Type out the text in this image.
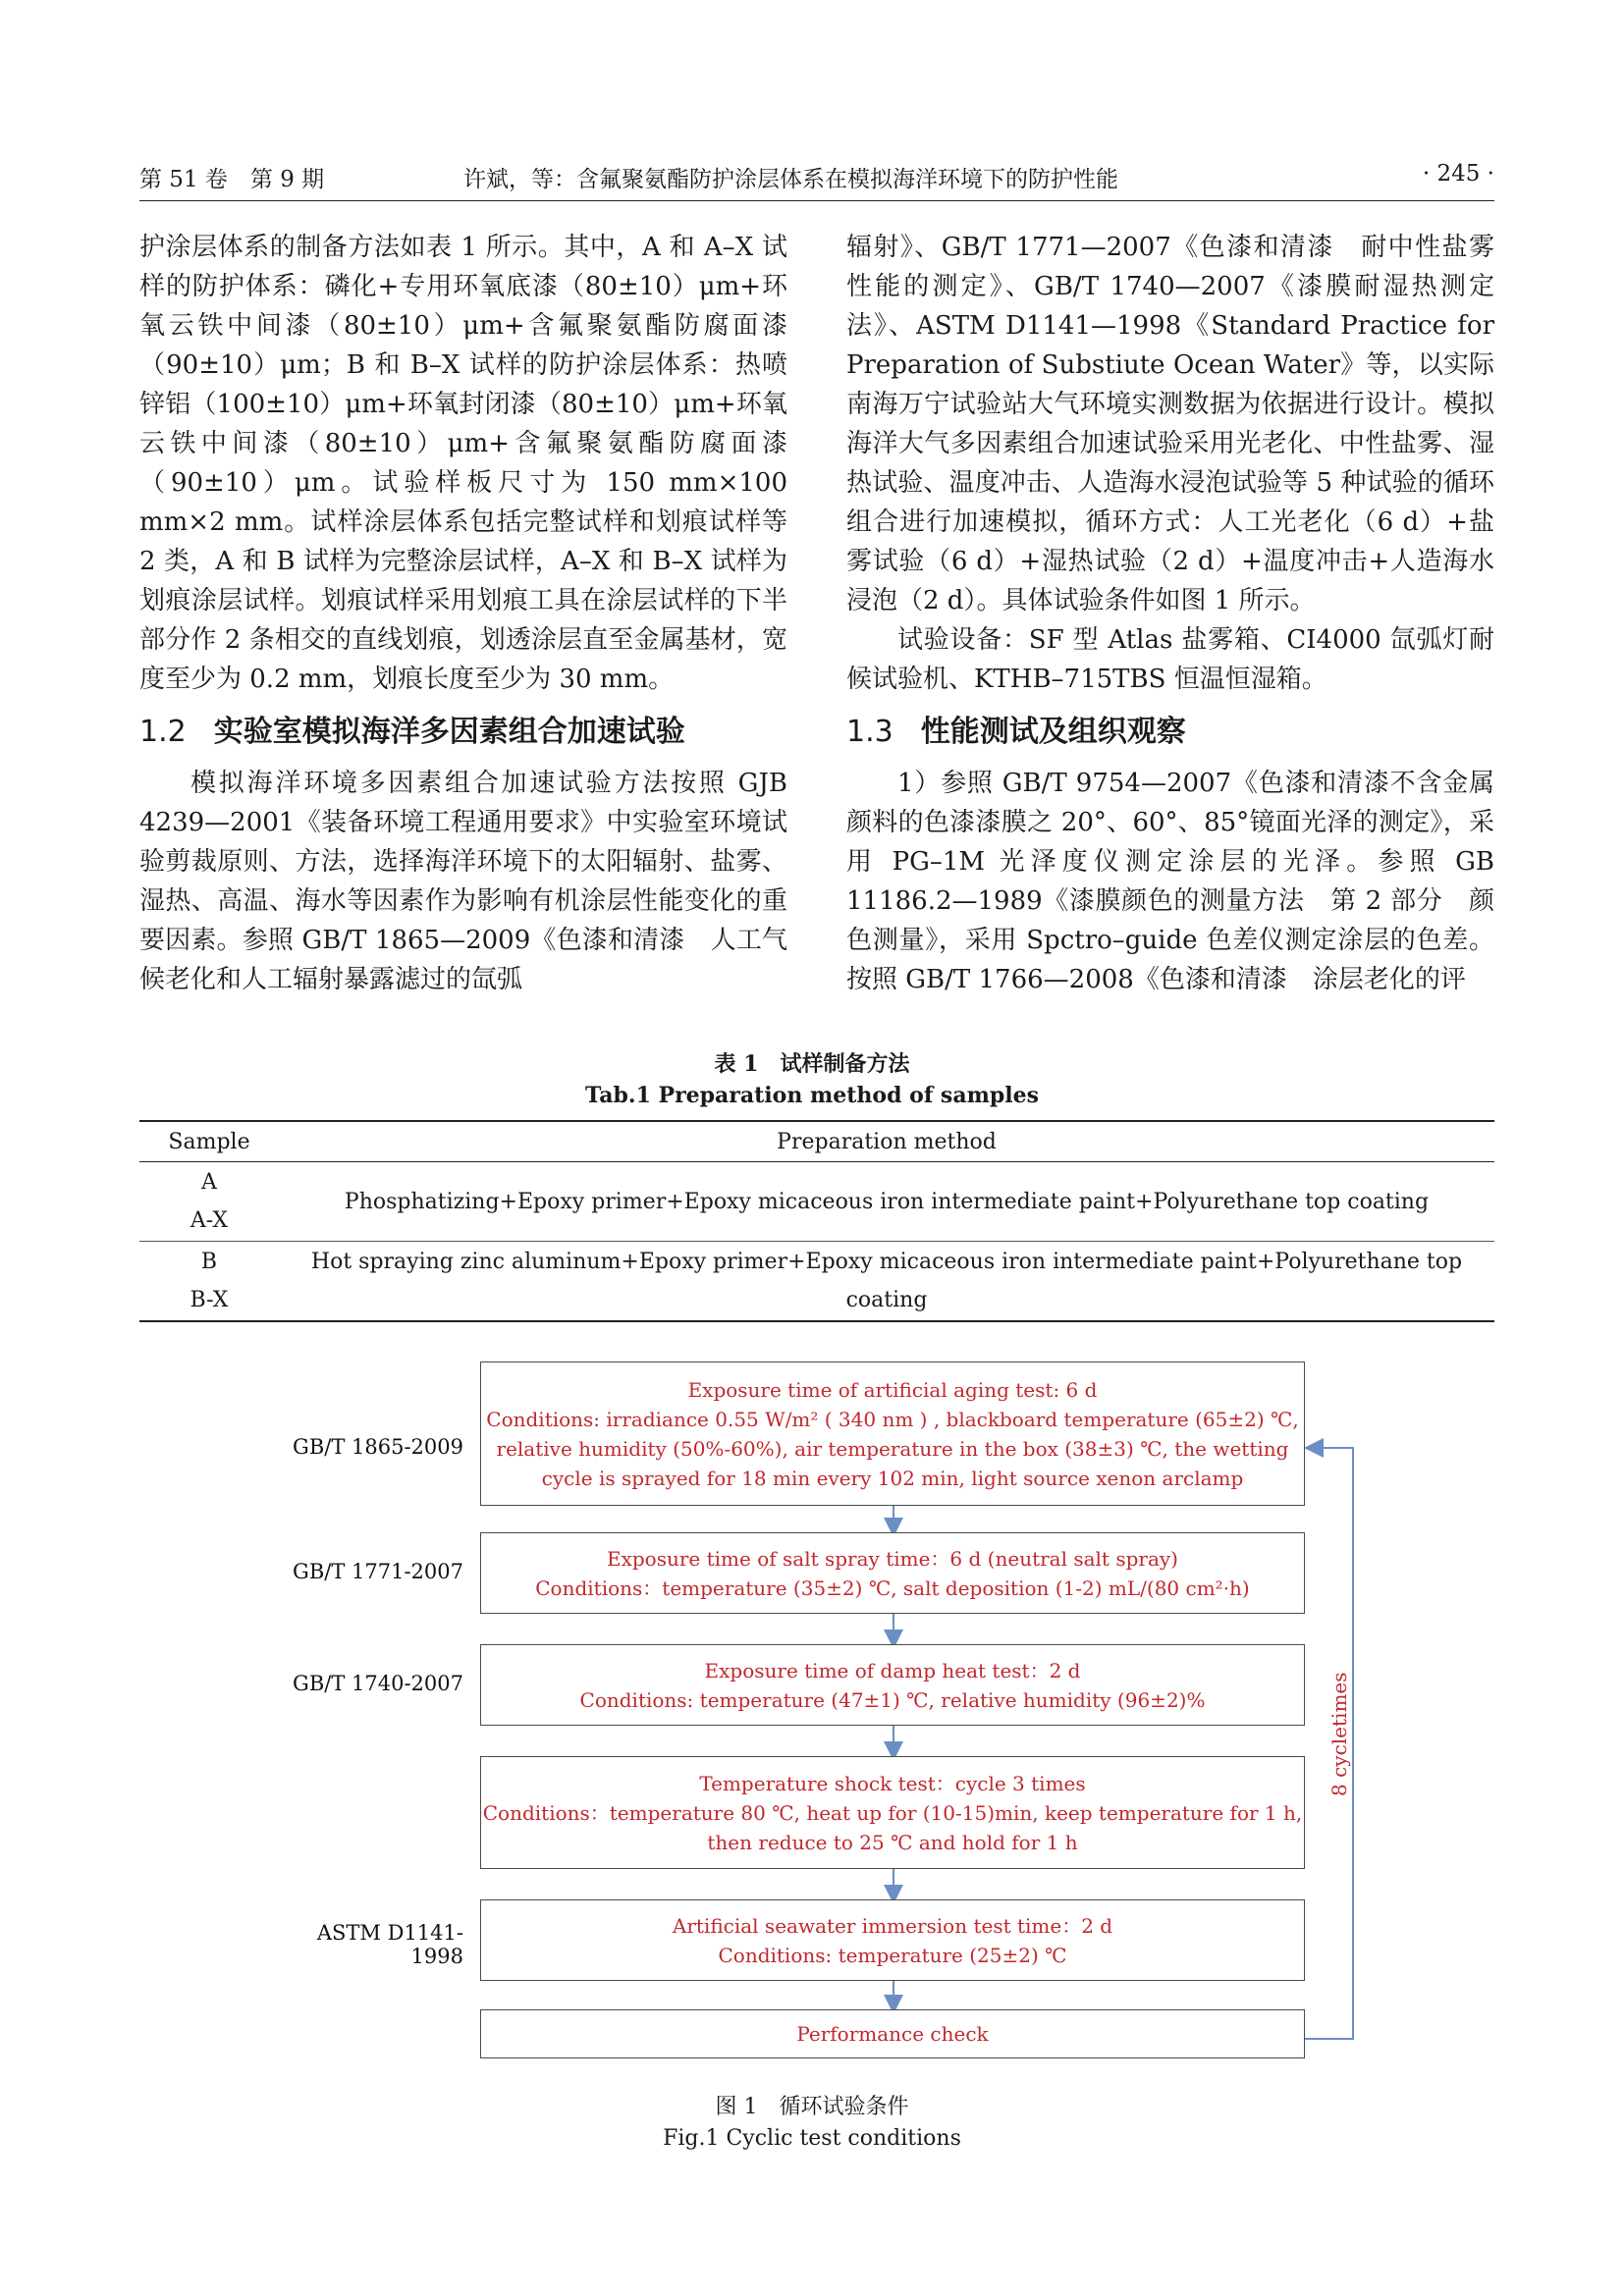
第 51 卷　第 9 期	许斌，等：含氟聚氨酯防护涂层体系在模拟海洋环境下的防护性能	· 245 ·

护涂层体系的制备方法如表 1 所示。其中，A 和 A–X 试样的防护体系：磷化+专用环氧底漆（80±10）μm+环氧云铁中间漆（80±10）μm+含氟聚氨酯防腐面漆（90±10）μm；B 和 B–X 试样的防护涂层体系：热喷锌铝（100±10）μm+环氧封闭漆（80±10）μm+环氧云铁中间漆（80±10）μm+含氟聚氨酯防腐面漆（90±10）μm。试验样板尺寸为 150 mm×100 mm×2 mm。试样涂层体系包括完整试样和划痕试样等 2 类，A 和 B 试样为完整涂层试样，A–X 和 B–X 试样为划痕涂层试样。划痕试样采用划痕工具在涂层试样的下半部分作 2 条相交的直线划痕，划透涂层直至金属基材，宽度至少为 0.2 mm，划痕长度至少为 30 mm。

1.2 实验室模拟海洋多因素组合加速试验

模拟海洋环境多因素组合加速试验方法按照 GJB 4239—2001《装备环境工程通用要求》中实验室环境试验剪裁原则、方法，选择海洋环境下的太阳辐射、盐雾、湿热、高温、海水等因素作为影响有机涂层性能变化的重要因素。参照 GB/T 1865—2009《色漆和清漆　人工气候老化和人工辐射暴露滤过的氙弧

辐射》、GB/T 1771—2007《色漆和清漆　耐中性盐雾性能的测定》、GB/T 1740—2007《漆膜耐湿热测定法》、ASTM D1141—1998《Standard Practice for Preparation of Substiute Ocean Water》等，以实际南海万宁试验站大气环境实测数据为依据进行设计。模拟海洋大气多因素组合加速试验采用光老化、中性盐雾、湿热试验、温度冲击、人造海水浸泡试验等 5 种试验的循环组合进行加速模拟，循环方式：人工光老化（6 d）+盐雾试验（6 d）+湿热试验（2 d）+温度冲击+人造海水浸泡（2 d）。具体试验条件如图 1 所示。

试验设备：SF 型 Atlas 盐雾箱、CI4000 氙弧灯耐候试验机、KTHB–715TBS 恒温恒湿箱。

1.3 性能测试及组织观察

1）参照 GB/T 9754—2007《色漆和清漆不含金属颜料的色漆漆膜之 20°、60°、85°镜面光泽的测定》，采用 PG–1M 光泽度仪测定涂层的光泽。参照 GB 11186.2—1989《漆膜颜色的测量方法　第 2 部分　颜色测量》，采用 Spctro–guide 色差仪测定涂层的色差。按照 GB/T 1766—2008《色漆和清漆　涂层老化的评

表 1　试样制备方法
Tab.1 Preparation method of samples
Sample	Preparation method

A
A-X	Phosphatizing+Epoxy primer+Epoxy micaceous iron intermediate paint+Polyurethane top coating

B
B-X	Hot spraying zinc aluminum+Epoxy primer+Epoxy micaceous iron intermediate paint+Polyurethane top coating
GB/T 1865-2009
Exposure time of artificial aging test: 6 d
Conditions: irradiance 0.55 W/m² ( 340 nm ) , blackboard temperature (65±2) ℃,
relative humidity (50%-60%), air temperature in the box (38±3) ℃, the wetting
cycle is sprayed for 18 min every 102 min, light source xenon arclamp
GB/T 1771-2007
Exposure time of salt spray time：6 d (neutral salt spray)
Conditions：temperature (35±2) ℃, salt deposition (1-2) mL/(80 cm²·h)
GB/T 1740-2007
Exposure time of damp heat test：2 d
Conditions: temperature (47±1) ℃, relative humidity (96±2)%
Temperature shock test：cycle 3 times
Conditions：temperature 80 ℃, heat up for (10-15)min, keep temperature for 1 h,
then reduce to 25 ℃ and hold for 1 h
ASTM D1141-1998
Artificial seawater immersion test time：2 d
Conditions: temperature (25±2) ℃
Performance check
8 cycletimes
图 1　循环试验条件
Fig.1 Cyclic test conditions
